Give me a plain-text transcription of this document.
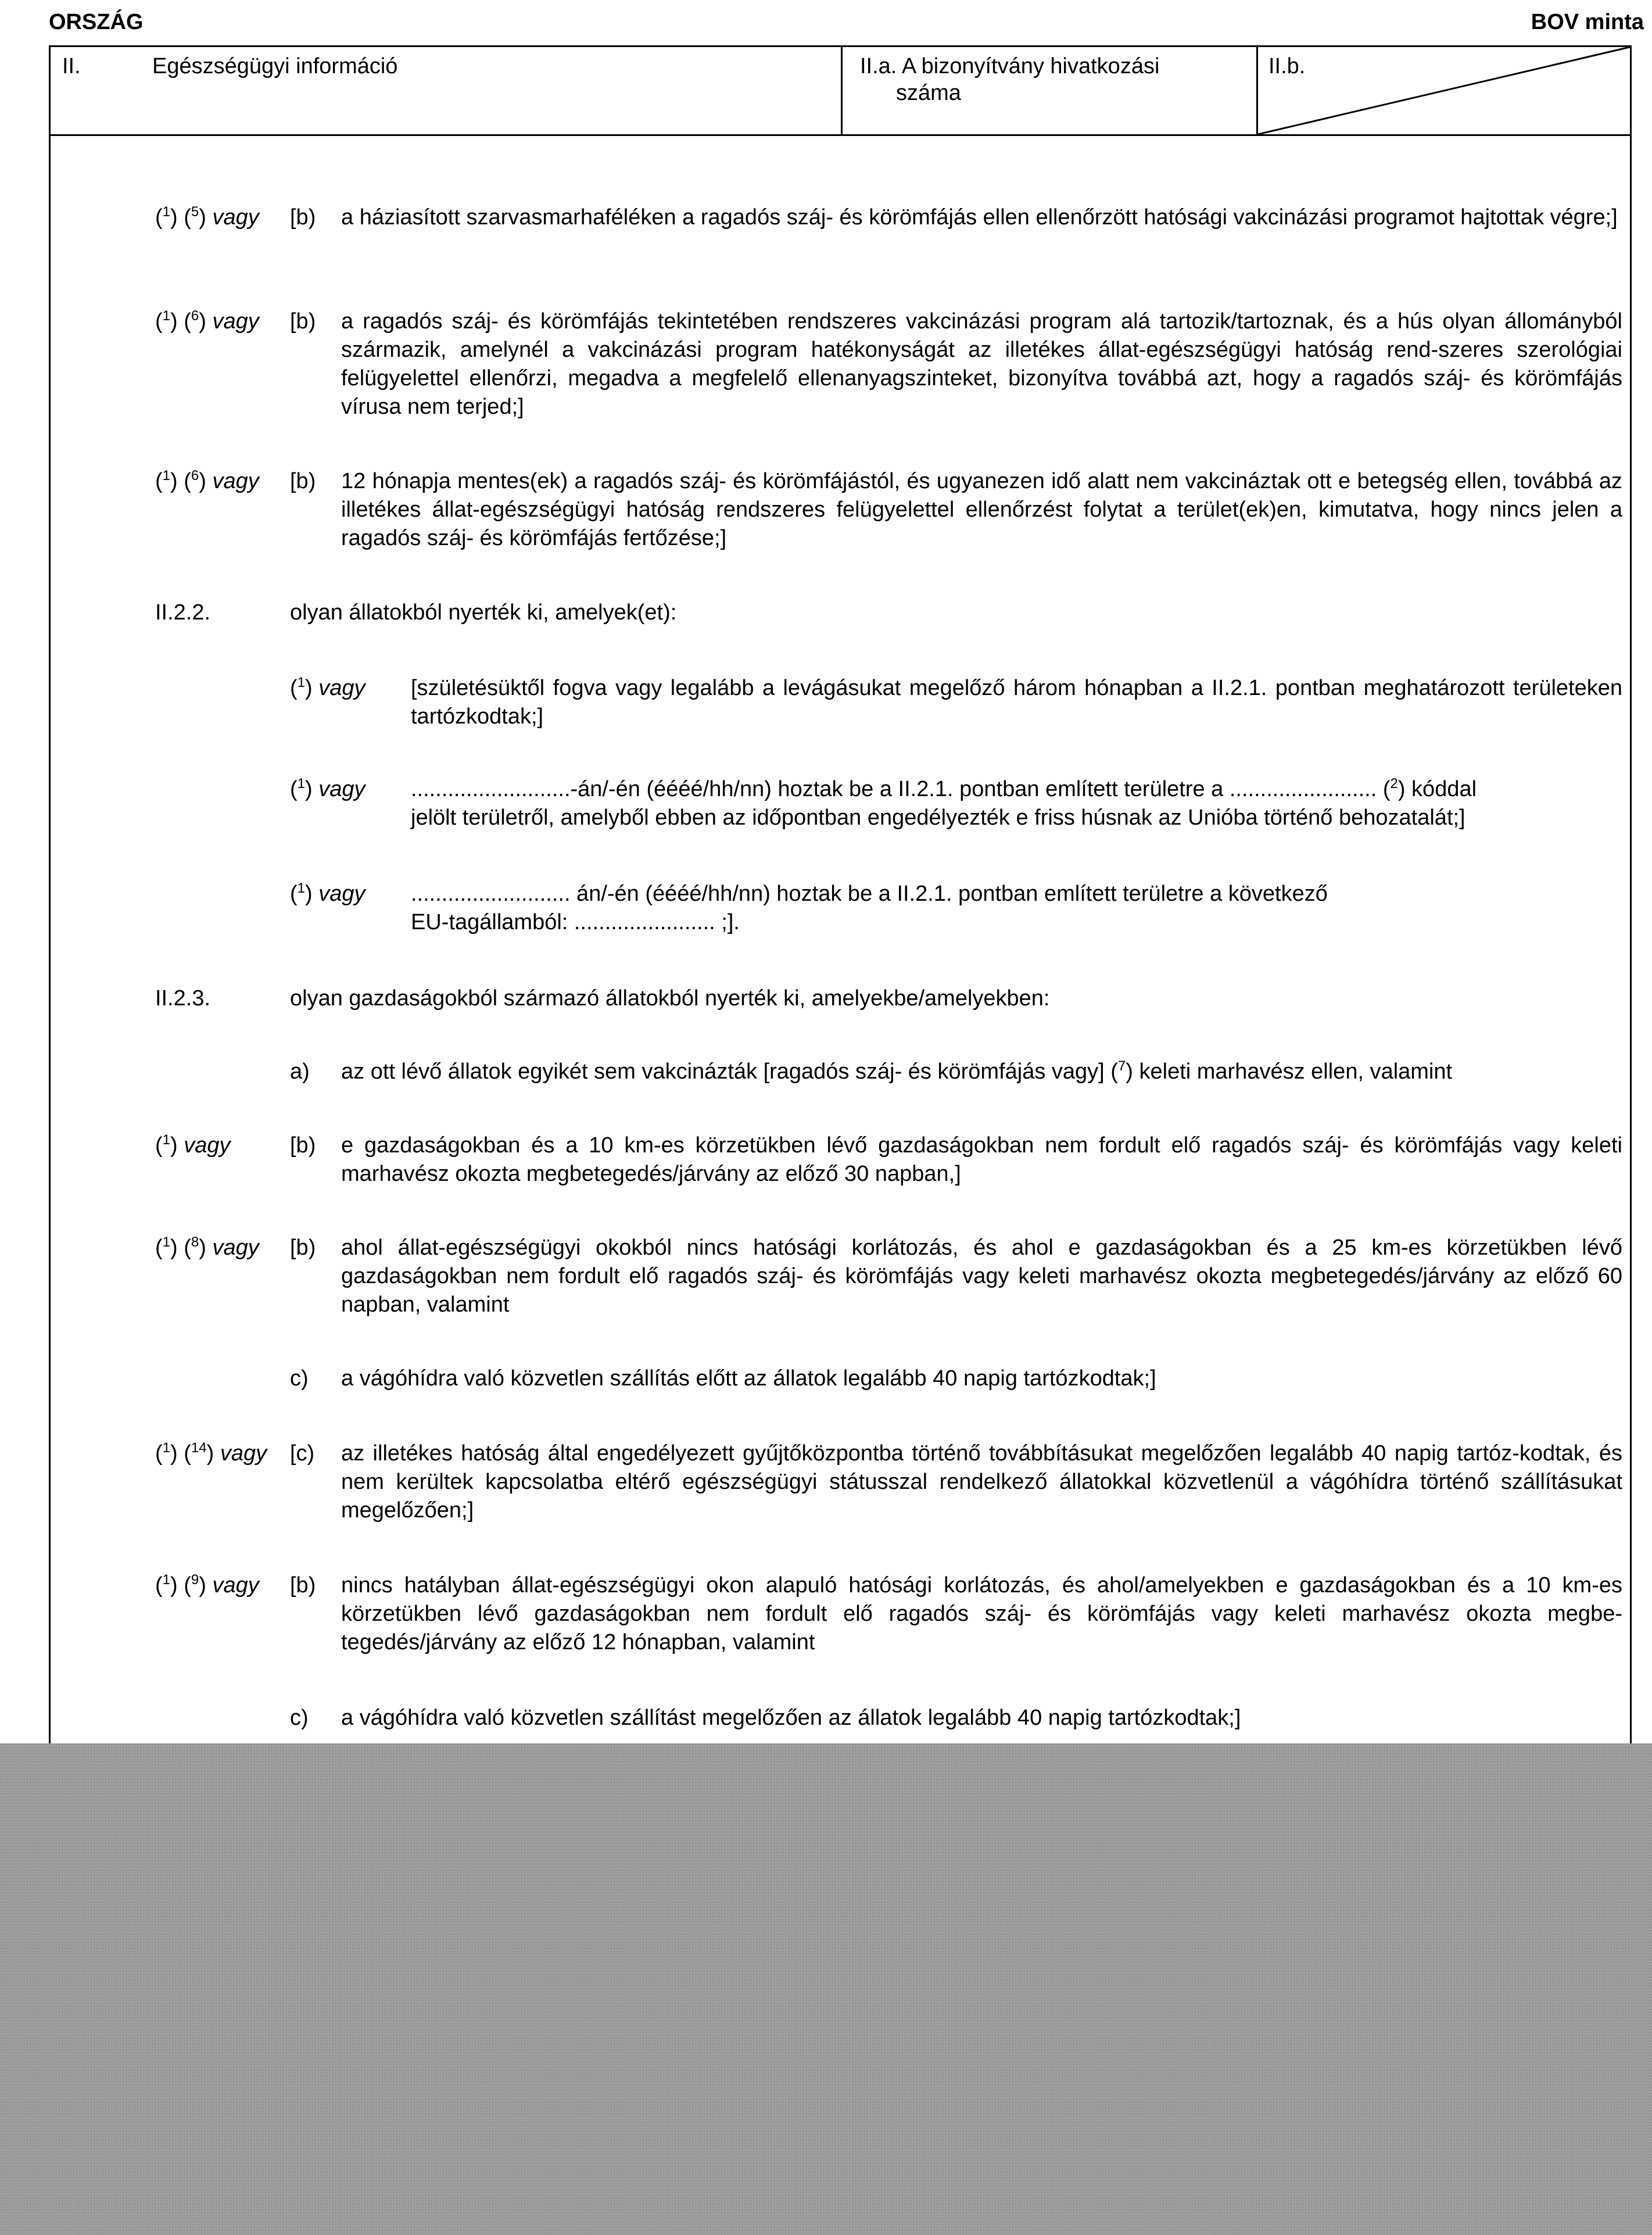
ORSZÁG	BOV minta
II.	Egészségügyi információ	II.a. A bizonyítvány hivatkozási
száma
II.b.
($^1$) ($^5$) vagy [b) a háziasított szarvasmarhaféléken a ragadós száj- és körömfájás ellen ellenőrzött hatósági vakcinázási programot hajtottak végre;]
($^1$) ($^6$) vagy [b) a ragadós száj- és körömfájás tekintetében rendszeres vakcinázási program alá tartozik/tartoznak, és a hús olyan állományból származik, amelynél a vakcinázási program hatékonyságát az illetékes állat-egészségügyi hatóság rend-szeres szerológiai felügyelettel ellenőrzi, megadva a megfelelő ellenanyagszinteket, bizonyítva továbbá azt, hogy a ragadós száj- és körömfájás vírusa nem terjed;]
($^1$) ($^6$) vagy [b) 12 hónapja mentes(ek) a ragadós száj- és körömfájástól, és ugyanezen idő alatt nem vakcináztak ott e betegség ellen, továbbá az illetékes állat-egészségügyi hatóság rendszeres felügyelettel ellenőrzést folytat a terület(ek)en, kimutatva, hogy nincs jelen a ragadós száj- és körömfájás fertőzése;]
II.2.2.	olyan állatokból nyerték ki, amelyek(et):
($^1$) vagy [születésüktől fogva vagy legalább a levágásukat megelőző három hónapban a II.2.1. pontban meghatározott területeken tartózkodtak;]
($^1$) vagy ..........................-án/-én (éééé/hh/nn) hoztak be a II.2.1. pontban említett területre a ........................ ($^2$) kóddal
jelölt területről, amelyből ebben az időpontban engedélyezték e friss húsnak az Unióba történő behozatalát;]
($^1$) vagy .......................... án/-én (éééé/hh/nn) hoztak be a II.2.1. pontban említett területre a következő
EU-tagállamból: ....................... ;].
II.2.3.	olyan gazdaságokból származó állatokból nyerték ki, amelyekbe/amelyekben:
a) az ott lévő állatok egyikét sem vakcinázták [ragadós száj- és körömfájás vagy] ($^7$) keleti marhavész ellen, valamint
($^1$) vagy	[b) e gazdaságokban és a 10 km-es körzetükben lévő gazdaságokban nem fordult elő ragadós száj- és körömfájás vagy keleti marhavész okozta megbetegedés/járvány az előző 30 napban,]
($^1$) ($^8$) vagy [b) ahol állat-egészségügyi okokból nincs hatósági korlátozás, és ahol e gazdaságokban és a 25 km-es körzetükben lévő gazdaságokban nem fordult elő ragadós száj- és körömfájás vagy keleti marhavész okozta megbetegedés/járvány az előző 60 napban, valamint
c) a vágóhídra való közvetlen szállítás előtt az állatok legalább 40 napig tartózkodtak;]
($^1$) ($^{14}$) vagy [c) az illetékes hatóság által engedélyezett gyűjtőközpontba történő továbbításukat megelőzően legalább 40 napig tartóz-kodtak, és nem kerültek kapcsolatba eltérő egészségügyi státusszal rendelkező állatokkal közvetlenül a vágóhídra történő szállításukat megelőzően;]
($^1$) ($^9$) vagy [b) nincs hatályban állat-egészségügyi okon alapuló hatósági korlátozás, és ahol/amelyekben e gazdaságokban és a 10 km-es körzetükben lévő gazdaságokban nem fordult elő ragadós száj- és körömfájás vagy keleti marhavész okozta megbe-tegedés/járvány az előző 12 hónapban, valamint
c) a vágóhídra való közvetlen szállítást megelőzően az állatok legalább 40 napig tartózkodtak;]
